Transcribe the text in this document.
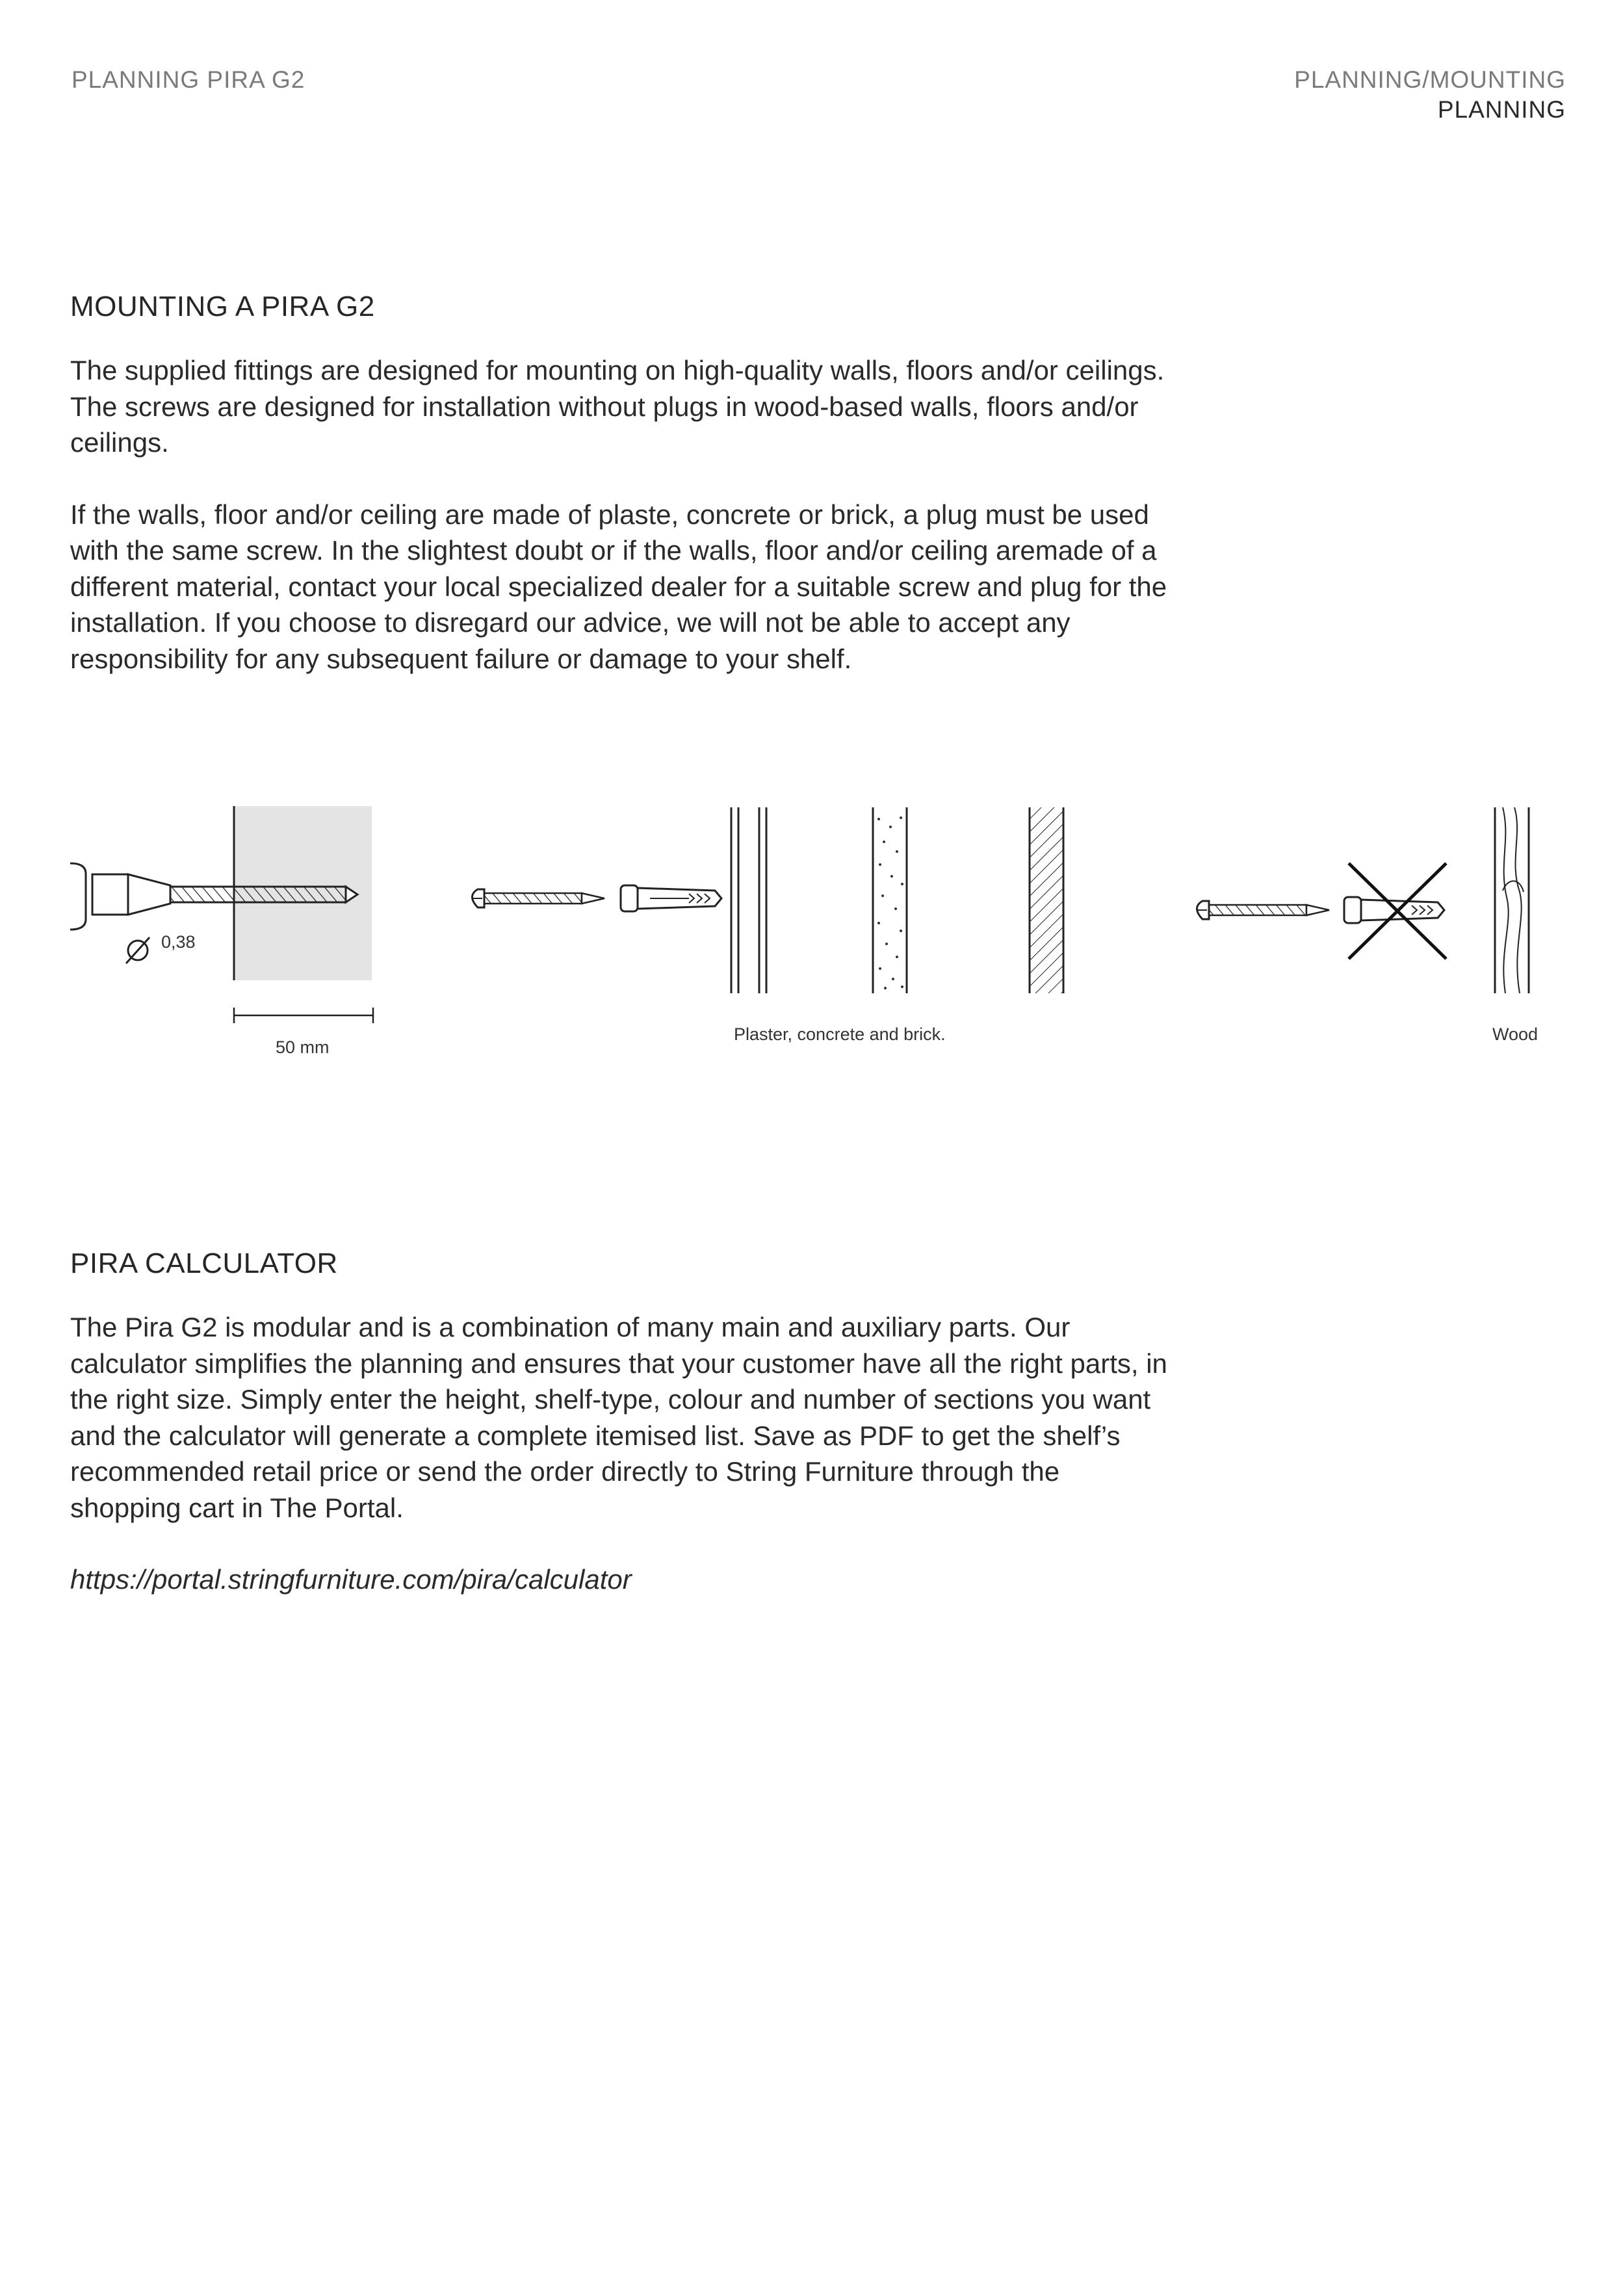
PLANNING PIRA G2	PLANNING/MOUNTING
PLANNING
MOUNTING A PIRA G2

The supplied fittings are designed for mounting on high-quality walls, floors and/or ceilings. The screws are designed for installation without plugs in wood-based walls, floors and/or ceilings.

If the walls, floor and/or ceiling are made of plaste, concrete or brick, a plug must be used with the same screw. In the slightest doubt or if the walls, floor and/or ceiling aremade of a different material, contact your local specialized dealer for a suitable screw and plug for the installation. If you choose to disregard our advice, we will not be able to accept any responsibility for any subsequent failure or damage to your shelf.

0,38
50 mm
Plaster, concrete and brick.	Wood
PIRA CALCULATOR

The Pira G2 is modular and is a combination of many main and auxiliary parts. Our calculator simplifies the planning and ensures that your customer have all the right parts, in the right size. Simply enter the height, shelf-type, colour and number of sections you want and the calculator will generate a complete itemised list. Save as PDF to get the shelf’s recommended retail price or send the order directly to String Furniture through the shopping cart in The Portal.

https://portal.stringfurniture.com/pira/calculator
